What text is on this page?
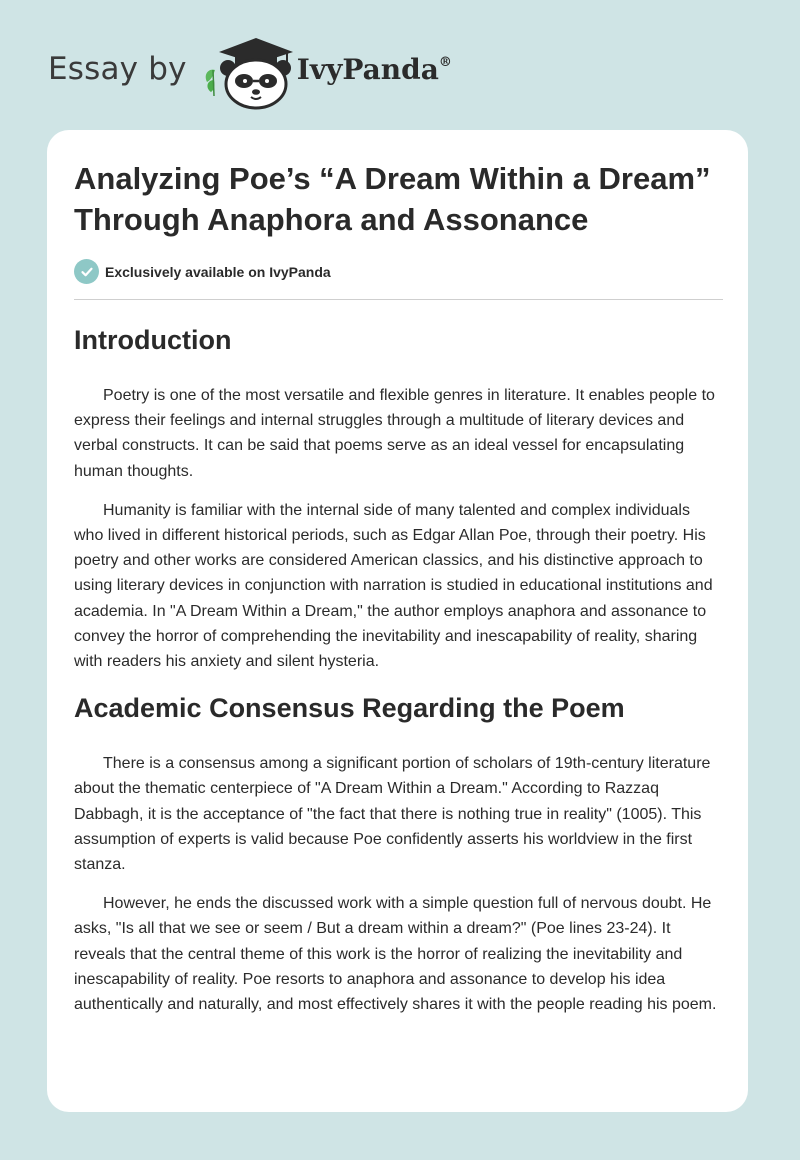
Essay by	IvyPanda®
Analyzing Poe’s “A Dream Within a Dream” Through Anaphora and Assonance
Exclusively available on IvyPanda
Introduction

Poetry is one of the most versatile and flexible genres in literature. It enables people to express their feelings and internal struggles through a multitude of literary devices and verbal constructs. It can be said that poems serve as an ideal vessel for encapsulating human thoughts.

Humanity is familiar with the internal side of many talented and complex individuals who lived in different historical periods, such as Edgar Allan Poe, through their poetry. His poetry and other works are considered American classics, and his distinctive approach to using literary devices in conjunction with narration is studied in educational institutions and academia. In "A Dream Within a Dream," the author employs anaphora and assonance to convey the horror of comprehending the inevitability and inescapability of reality, sharing with readers his anxiety and silent hysteria.

Academic Consensus Regarding the Poem

There is a consensus among a significant portion of scholars of 19th-century literature about the thematic centerpiece of "A Dream Within a Dream." According to Razzaq Dabbagh, it is the acceptance of "the fact that there is nothing true in reality" (1005). This assumption of experts is valid because Poe confidently asserts his worldview in the first stanza.

However, he ends the discussed work with a simple question full of nervous doubt. He asks, "Is all that we see or seem / But a dream within a dream?" (Poe lines 23-24). It reveals that the central theme of this work is the horror of realizing the inevitability and inescapability of reality. Poe resorts to anaphora and assonance to develop his idea authentically and naturally, and most effectively shares it with the people reading his poem.
